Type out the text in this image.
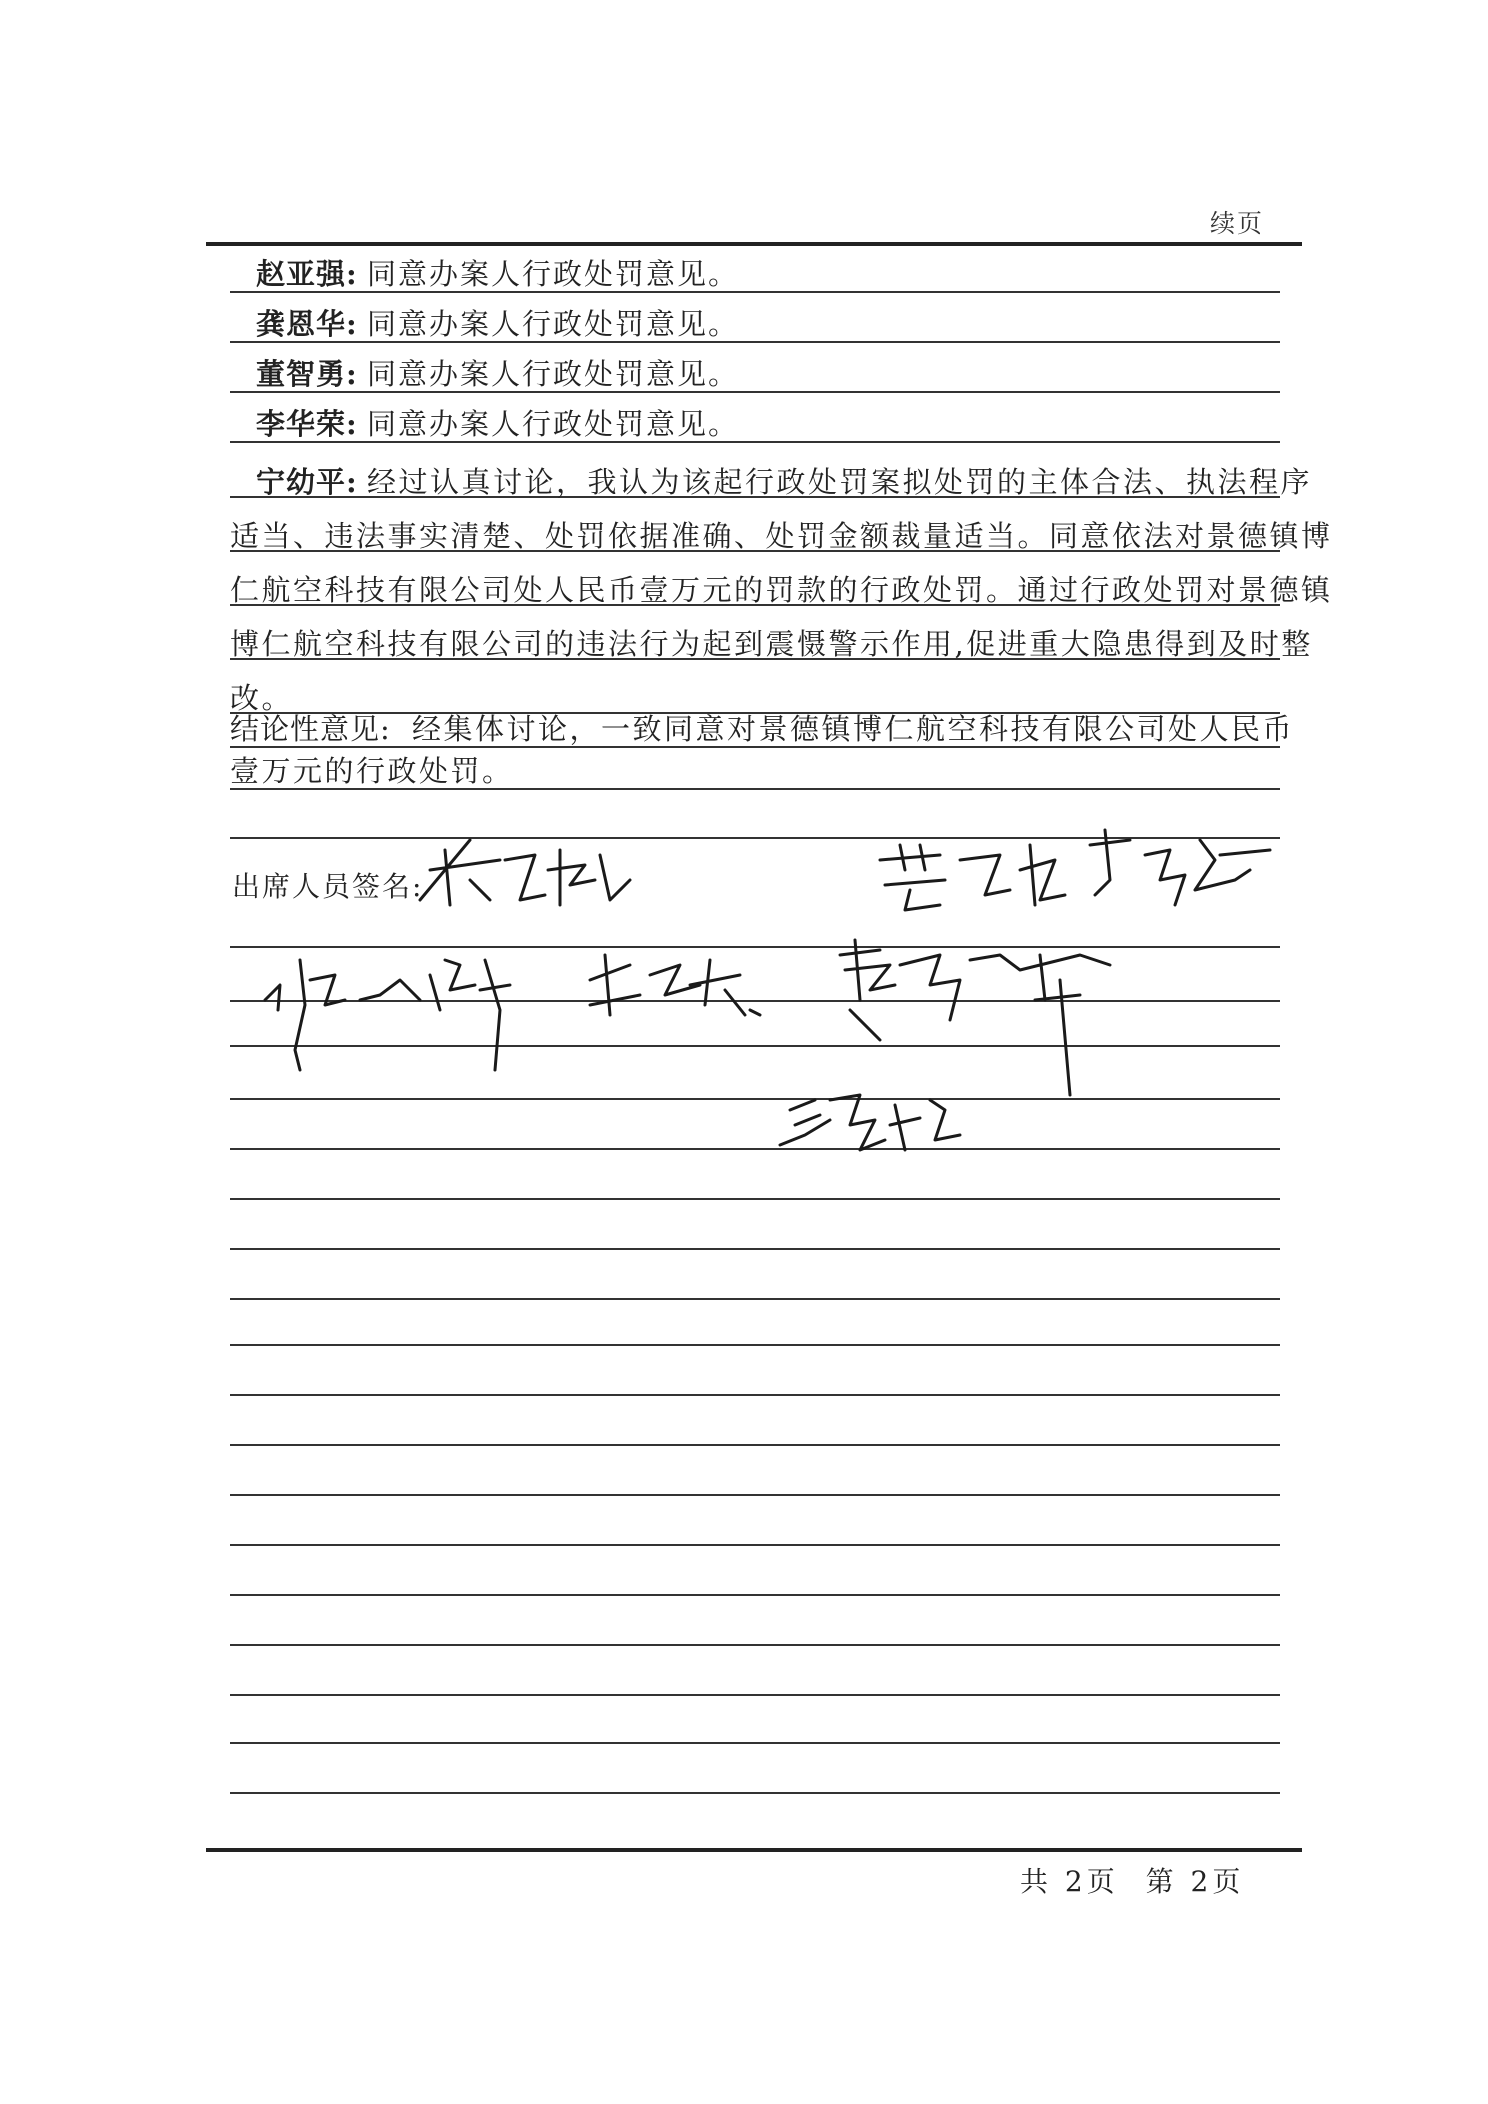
续页
赵亚强: 同意办案人行政处罚意见。
龚恩华: 同意办案人行政处罚意见。
董智勇: 同意办案人行政处罚意见。
李华荣: 同意办案人行政处罚意见。
宁幼平: 经过认真讨论，我认为该起行政处罚案拟处罚的主体合法、执法程序
适当、违法事实清楚、处罚依据准确、处罚金额裁量适当。同意依法对景德镇博
仁航空科技有限公司处人民币壹万元的罚款的行政处罚。通过行政处罚对景德镇
博仁航空科技有限公司的违法行为起到震慑警示作用,促进重大隐患得到及时整
改。
结论性意见: 经集体讨论，一致同意对景德镇博仁航空科技有限公司处人民币
壹万元的行政处罚。
出席人员签名:
共 2页 第 2页
